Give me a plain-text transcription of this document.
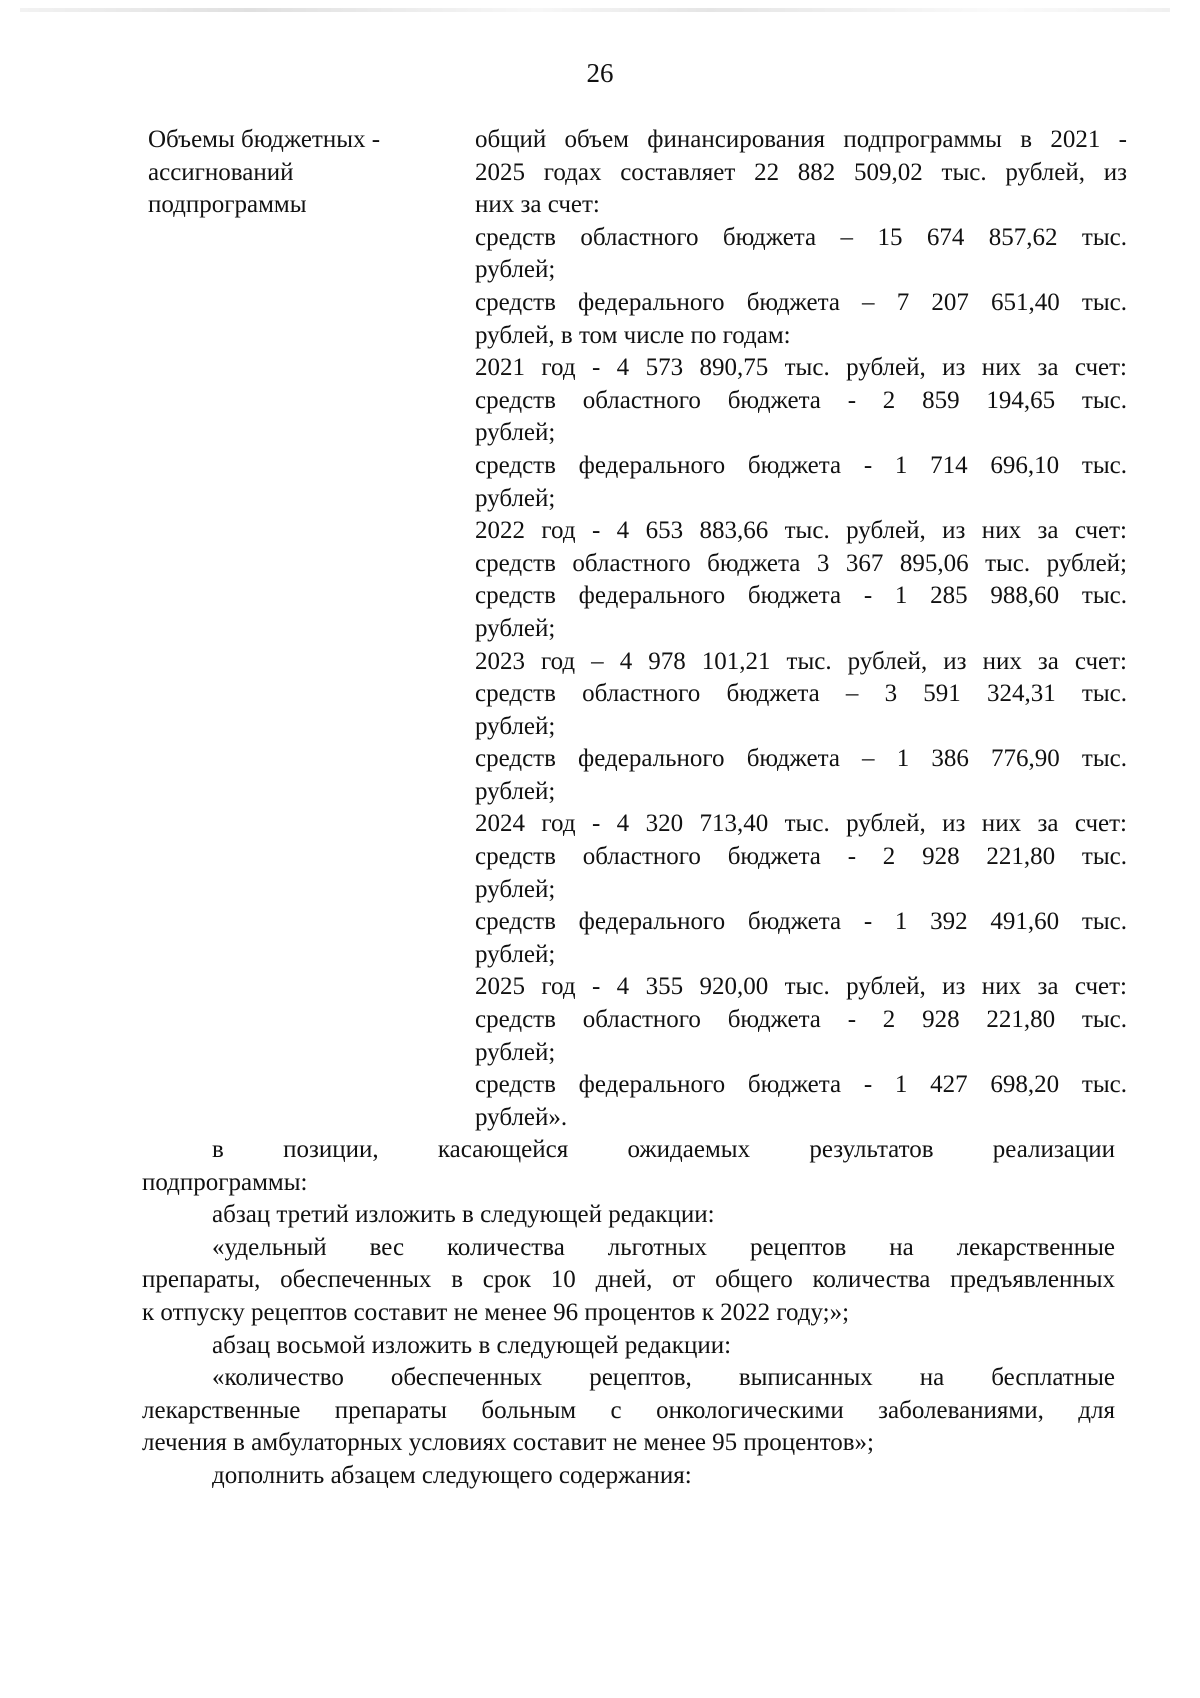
26
Объемы бюджетных -
ассигнований
подпрограммы
общий объем финансирования подпрограммы в 2021 -
2025 годах составляет 22 882 509,02 тыс. рублей, из
них за счет:
средств областного бюджета – 15 674 857,62 тыс.
рублей;
средств федерального бюджета – 7 207 651,40 тыс.
рублей, в том числе по годам:
2021 год - 4 573 890,75 тыс. рублей, из них за счет:
средств областного бюджета - 2 859 194,65 тыс.
рублей;
средств федерального бюджета - 1 714 696,10 тыс.
рублей;
2022 год - 4 653 883,66 тыс. рублей, из них за счет:
средств областного бюджета 3 367 895,06 тыс. рублей;
средств федерального бюджета - 1 285 988,60 тыс.
рублей;
2023 год – 4 978 101,21 тыс. рублей, из них за счет:
средств областного бюджета – 3 591 324,31 тыс.
рублей;
средств федерального бюджета – 1 386 776,90 тыс.
рублей;
2024 год - 4 320 713,40 тыс. рублей, из них за счет:
средств областного бюджета - 2 928 221,80 тыс.
рублей;
средств федерального бюджета - 1 392 491,60 тыс.
рублей;
2025 год - 4 355 920,00 тыс. рублей, из них за счет:
средств областного бюджета - 2 928 221,80 тыс.
рублей;
средств федерального бюджета - 1 427 698,20 тыс.
рублей».
в позиции, касающейся ожидаемых результатов реализации
подпрограммы:
абзац третий изложить в следующей редакции:
«удельный вес количества льготных рецептов на лекарственные
препараты, обеспеченных в срок 10 дней, от общего количества предъявленных
к отпуску рецептов составит не менее 96 процентов к 2022 году;»;
абзац восьмой изложить в следующей редакции:
«количество обеспеченных рецептов, выписанных на бесплатные
лекарственные препараты больным с онкологическими заболеваниями, для
лечения в амбулаторных условиях составит не менее 95 процентов»;
дополнить абзацем следующего содержания:
